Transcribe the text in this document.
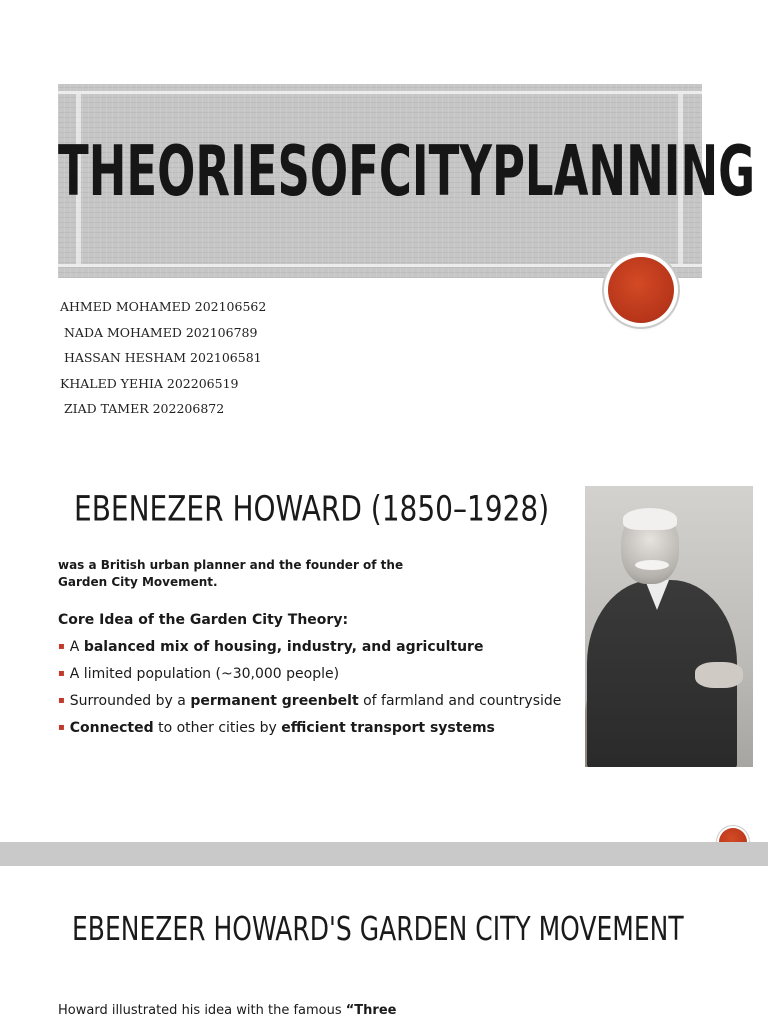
THEORIESOFCITYPLANNING
AHMED MOHAMED 202106562
NADA MOHAMED 202106789
HASSAN HESHAM 202106581
KHALED YEHIA 202206519
ZIAD TAMER 202206872
EBENEZER HOWARD (1850–1928)
was a British urban planner and the founder of the Garden City Movement.
Core Idea of the Garden City Theory:
▪ A balanced mix of housing, industry, and agriculture
▪ A limited population (~30,000 people)
▪ Surrounded by a permanent greenbelt of farmland and countryside
▪ Connected to other cities by efficient transport systems
EBENEZER HOWARD'S GARDEN CITY MOVEMENT
Howard illustrated his idea with the famous “Three
